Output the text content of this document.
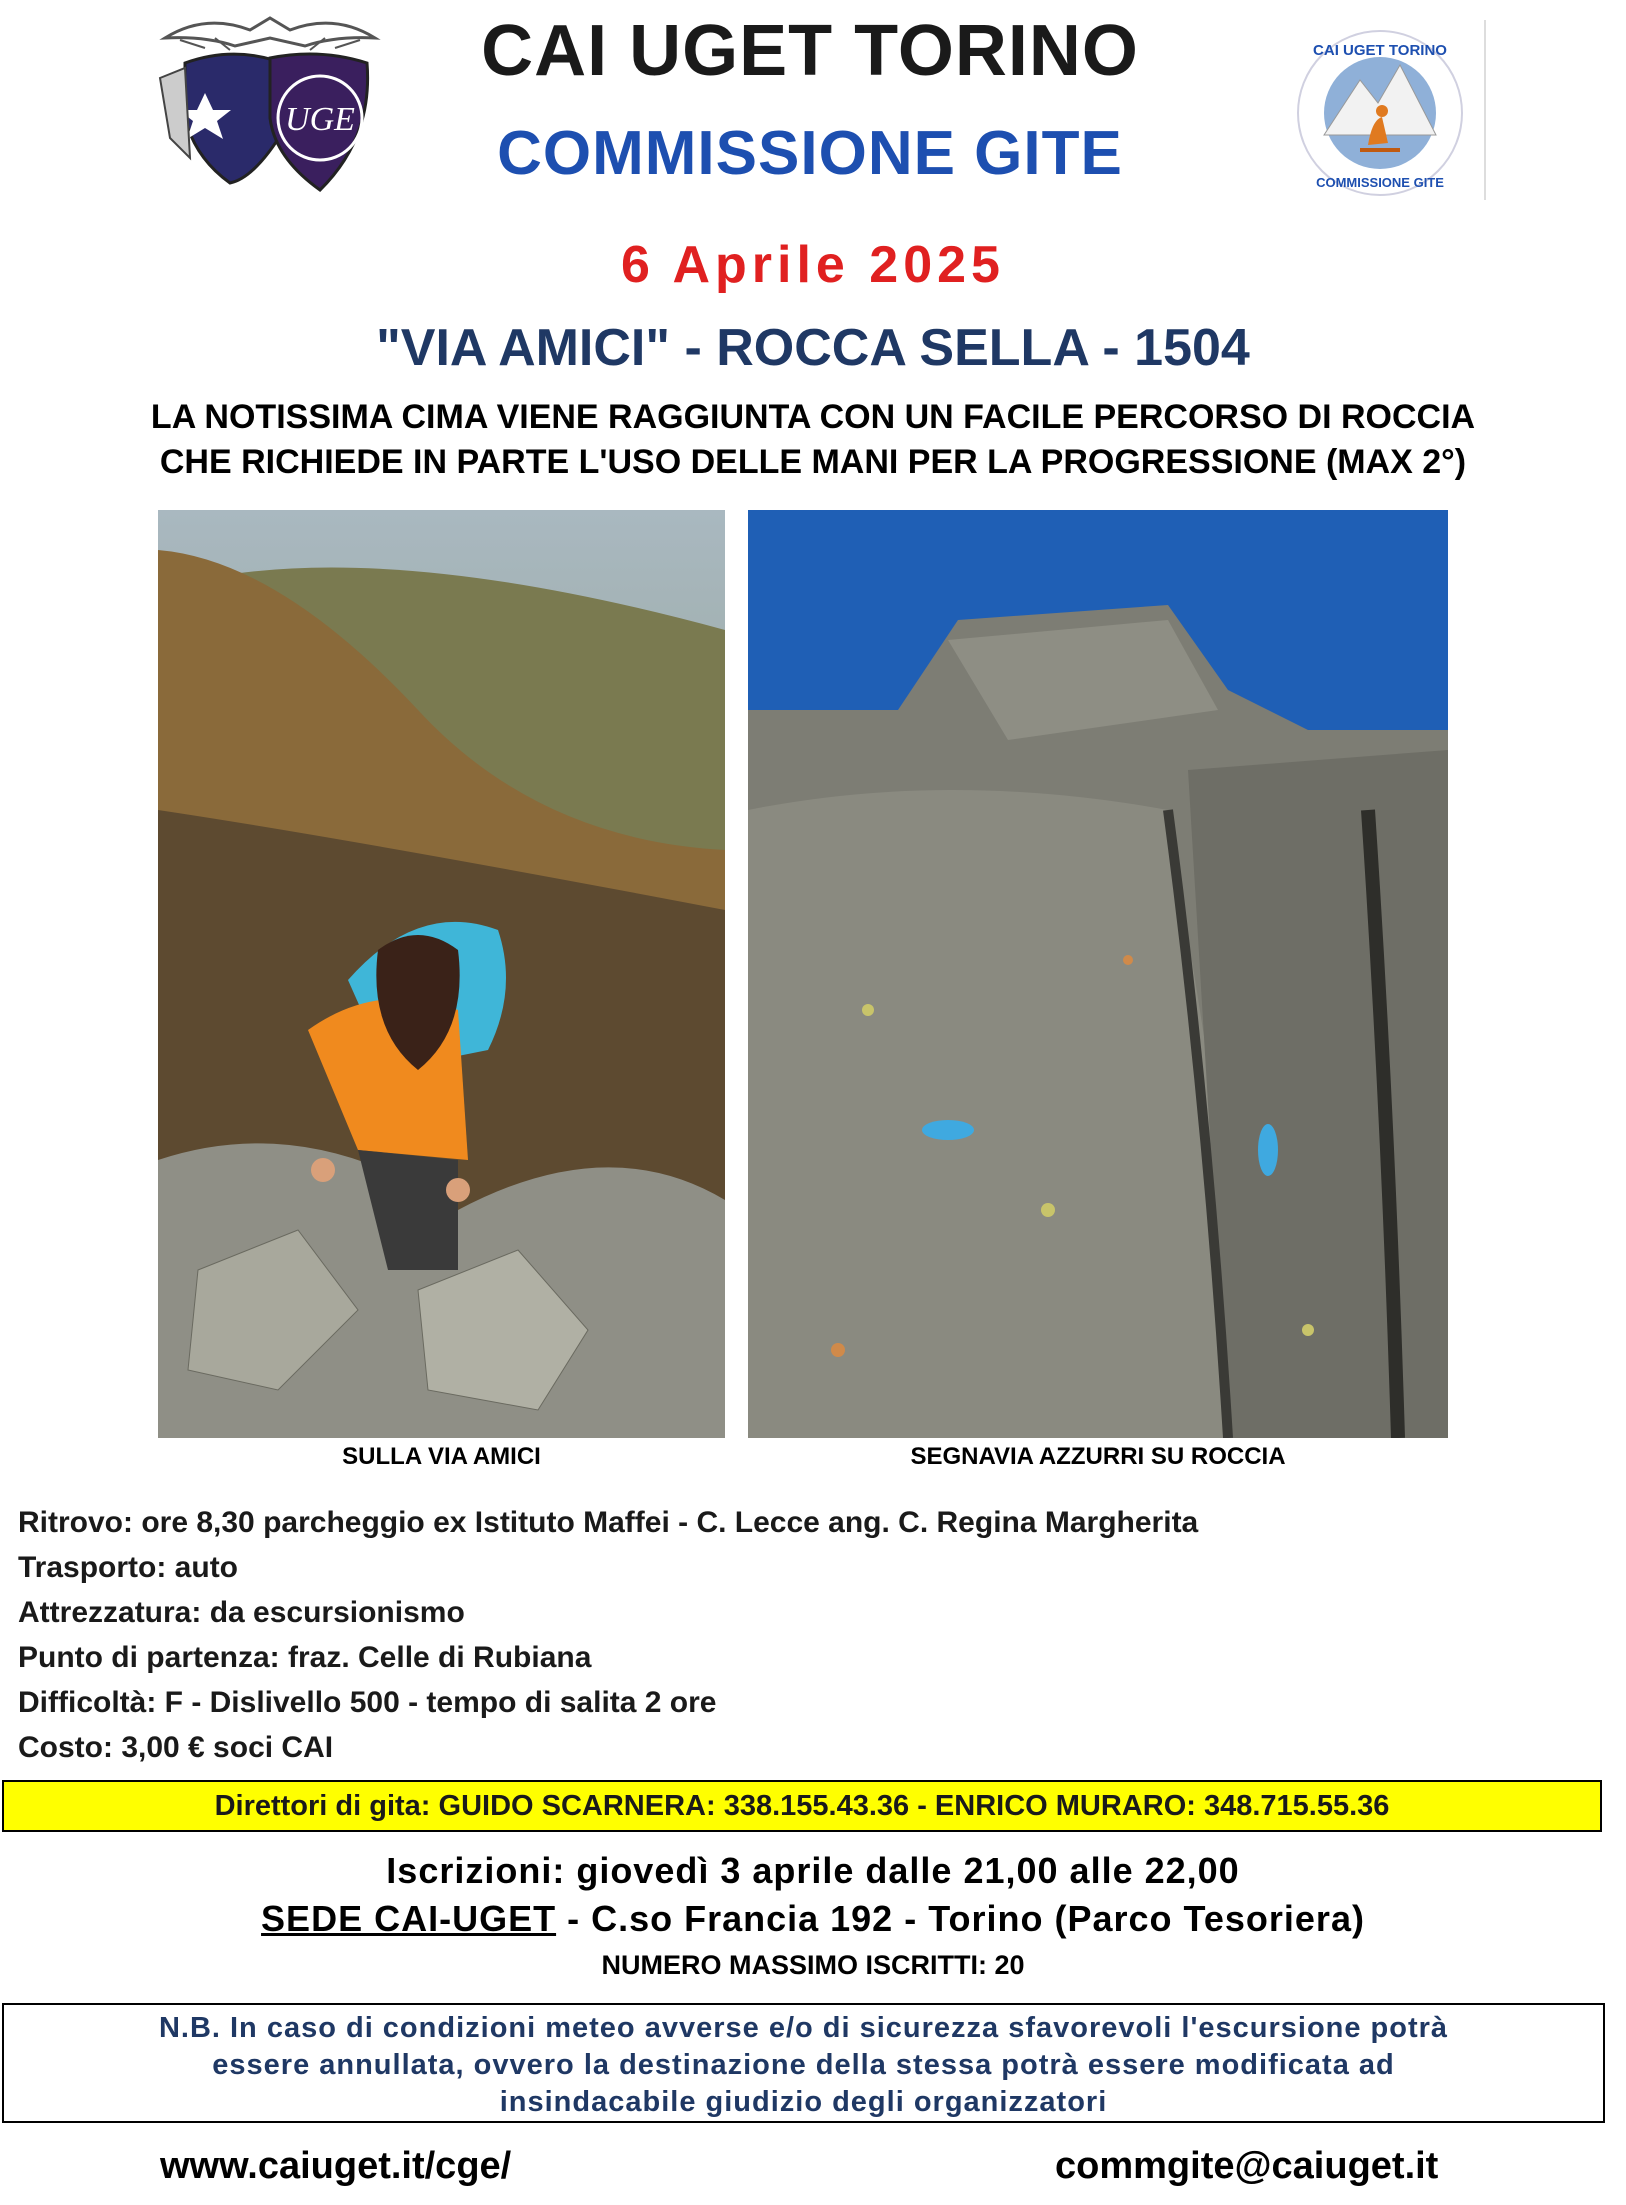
UGE
CAI UGET TORINO
COMMISSIONE GITE
CAI UGET TORINO
COMMISSIONE GITE
6 Aprile 2025
"VIA AMICI" - ROCCA SELLA - 1504
LA NOTISSIMA CIMA VIENE RAGGIUNTA CON UN FACILE PERCORSO DI ROCCIA
CHE RICHIEDE IN PARTE L'USO DELLE MANI PER LA PROGRESSIONE (MAX 2°)
SULLA VIA AMICI	SEGNAVIA AZZURRI SU ROCCIA
Ritrovo: ore 8,30 parcheggio ex Istituto Maffei - C. Lecce ang. C. Regina Margherita
Trasporto: auto
Attrezzatura: da escursionismo
Punto di partenza: fraz. Celle di Rubiana
Difficoltà: F - Dislivello 500 - tempo di salita 2 ore
Costo: 3,00 € soci CAI
Direttori di gita: GUIDO SCARNERA: 338.155.43.36 - ENRICO MURARO: 348.715.55.36
Iscrizioni: giovedì 3 aprile dalle 21,00 alle 22,00
SEDE CAI-UGET - C.so Francia 192 - Torino (Parco Tesoriera)
NUMERO MASSIMO ISCRITTI: 20
N.B. In caso di condizioni meteo avverse e/o di sicurezza sfavorevoli l'escursione potrà
essere annullata, ovvero la destinazione della stessa potrà essere modificata ad
insindacabile giudizio degli organizzatori
www.caiuget.it/cge/	commgite@caiuget.it
